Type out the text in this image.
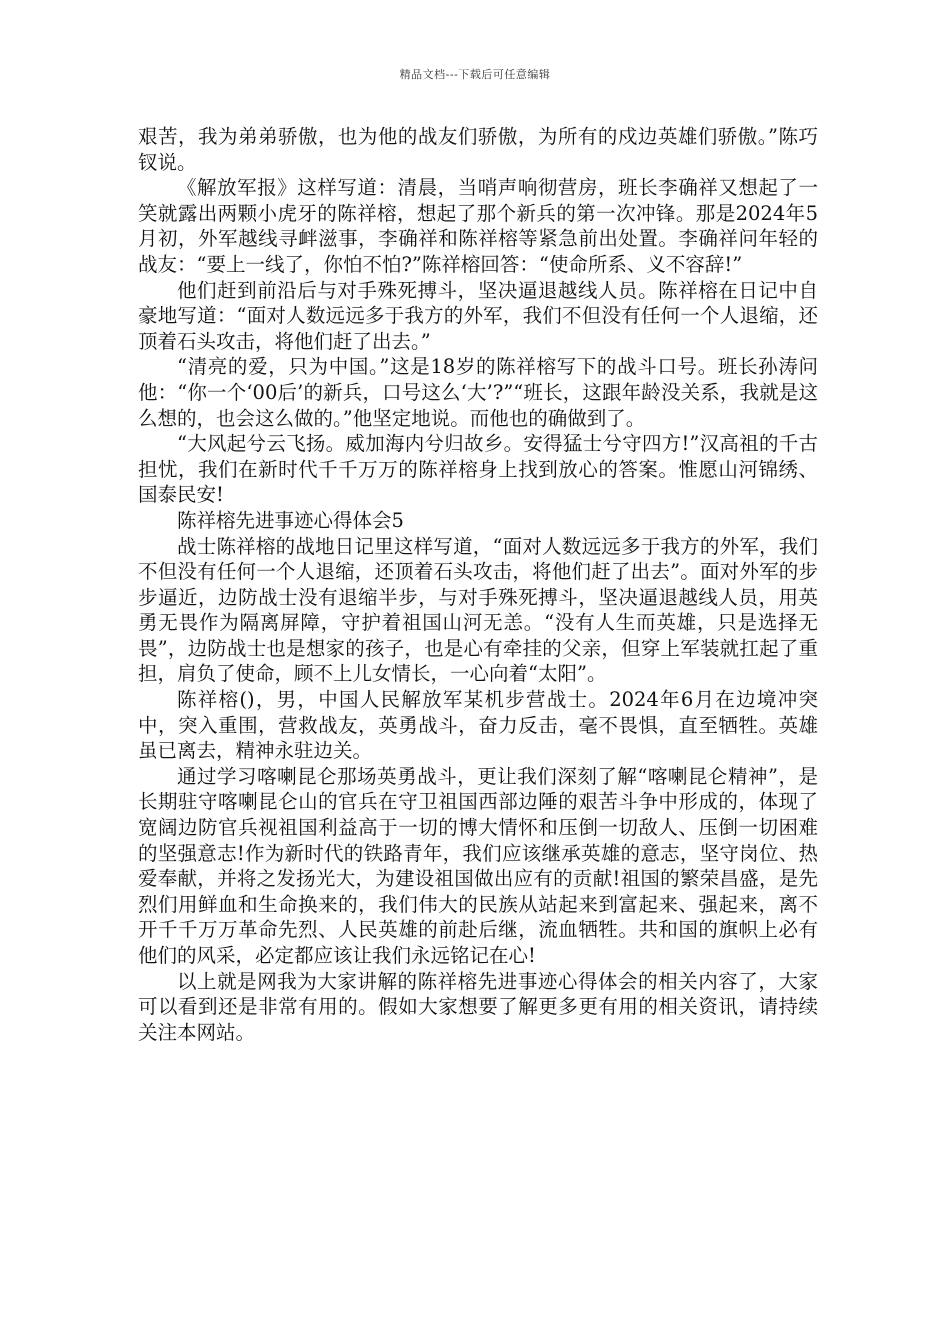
精品文档---下载后可任意编辑

艰苦，我为弟弟骄傲，也为他的战友们骄傲，为所有的戍边英雄们骄傲。”陈巧钗说。

《解放军报》这样写道：清晨，当哨声响彻营房，班长李确祥又想起了一笑就露出两颗小虎牙的陈祥榕，想起了那个新兵的第一次冲锋。那是2024年5月初，外军越线寻衅滋事，李确祥和陈祥榕等紧急前出处置。李确祥问年轻的战友：“要上一线了，你怕不怕?”陈祥榕回答：“使命所系、义不容辞!”

他们赶到前沿后与对手殊死搏斗，坚决逼退越线人员。陈祥榕在日记中自豪地写道：“面对人数远远多于我方的外军，我们不但没有任何一个人退缩，还顶着石头攻击，将他们赶了出去。”

“清亮的爱，只为中国。”这是18岁的陈祥榕写下的战斗口号。班长孙涛问他：“你一个‘00后’的新兵，口号这么‘大’?”“班长，这跟年龄没关系，我就是这么想的，也会这么做的。”他坚定地说。而他也的确做到了。

“大风起兮云飞扬。威加海内兮归故乡。安得猛士兮守四方!”汉高祖的千古担忧，我们在新时代千千万万的陈祥榕身上找到放心的答案。惟愿山河锦绣、国泰民安!

陈祥榕先进事迹心得体会5

战士陈祥榕的战地日记里这样写道，“面对人数远远多于我方的外军，我们不但没有任何一个人退缩，还顶着石头攻击，将他们赶了出去”。面对外军的步步逼近，边防战士没有退缩半步，与对手殊死搏斗，坚决逼退越线人员，用英勇无畏作为隔离屏障，守护着祖国山河无恙。“没有人生而英雄，只是选择无畏”，边防战士也是想家的孩子，也是心有牵挂的父亲，但穿上军装就扛起了重担，肩负了使命，顾不上儿女情长，一心向着“太阳”。

陈祥榕()，男，中国人民解放军某机步营战士。2024年6月在边境冲突中，突入重围，营救战友，英勇战斗，奋力反击，毫不畏惧，直至牺牲。英雄虽已离去，精神永驻边关。

通过学习喀喇昆仑那场英勇战斗，更让我们深刻了解“喀喇昆仑精神”，是长期驻守喀喇昆仑山的官兵在守卫祖国西部边陲的艰苦斗争中形成的，体现了宽阔边防官兵视祖国利益高于一切的博大情怀和压倒一切敌人、压倒一切困难的坚强意志!作为新时代的铁路青年，我们应该继承英雄的意志，坚守岗位、热爱奉献，并将之发扬光大，为建设祖国做出应有的贡献!祖国的繁荣昌盛，是先烈们用鲜血和生命换来的，我们伟大的民族从站起来到富起来、强起来，离不开千千万万革命先烈、人民英雄的前赴后继，流血牺牲。共和国的旗帜上必有他们的风采，必定都应该让我们永远铭记在心!

以上就是网我为大家讲解的陈祥榕先进事迹心得体会的相关内容了，大家可以看到还是非常有用的。假如大家想要了解更多更有用的相关资讯，请持续关注本网站。
